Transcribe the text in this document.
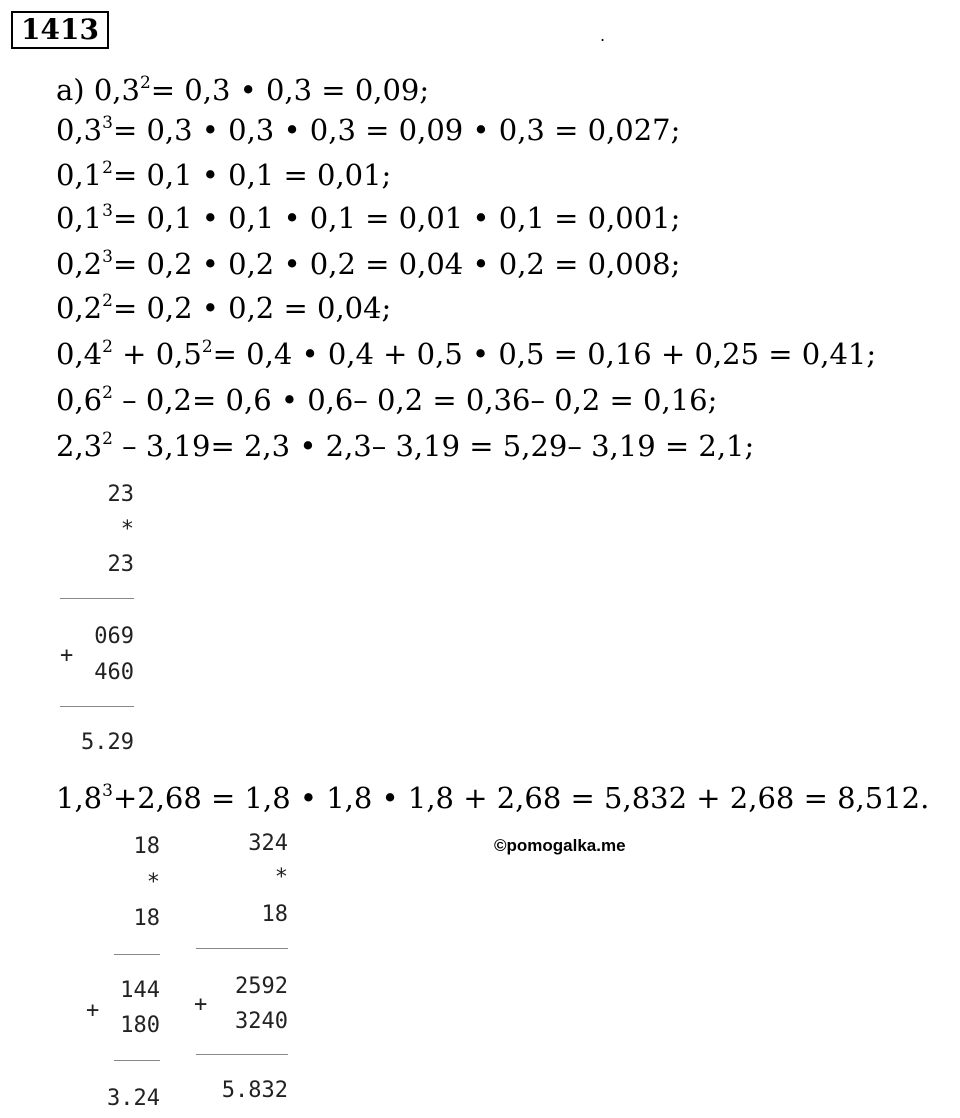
1413	.
а) $0,3^2= 0,3$ • 0,3 = 0,09;
$0,3^3= 0,3$ • 0,3 • 0,3 = 0,09 • 0,3 = 0,027;
$0,1^2= 0,1$ • 0,1 = 0,01;
$0,1^3= 0,1$ • 0,1 • 0,1 = 0,01 • 0,1 = 0,001;
$0,2^3= 0,2$ • 0,2 • 0,2 = 0,04 • 0,2 = 0,008;
$0,2^2= 0,2$ • 0,2 = 0,04;
$0,4^2 + 0,5^2= 0,4$ • 0,4 + 0,5 • 0,5 = 0,16 + 0,25 = 0,41;
$0,6^2 - 0,2= 0,6$ • 0,6– 0,2 = 0,36– 0,2 = 0,16;
$2,3^2 - 3,19= 2,3$ • 2,3– 3,19 = 5,29– 3,19 = 2,1;
$1,8^3+2,68 = 1,8$ • 1,8 • 1,8 + 2,68 = 5,832 + 2,68 = 8,512.

23

*

23

+

069

460

5.29

18

*

18

+

144

180

3.24

324

*

18

+

2592

3240

5.832

©pomogalka.me
